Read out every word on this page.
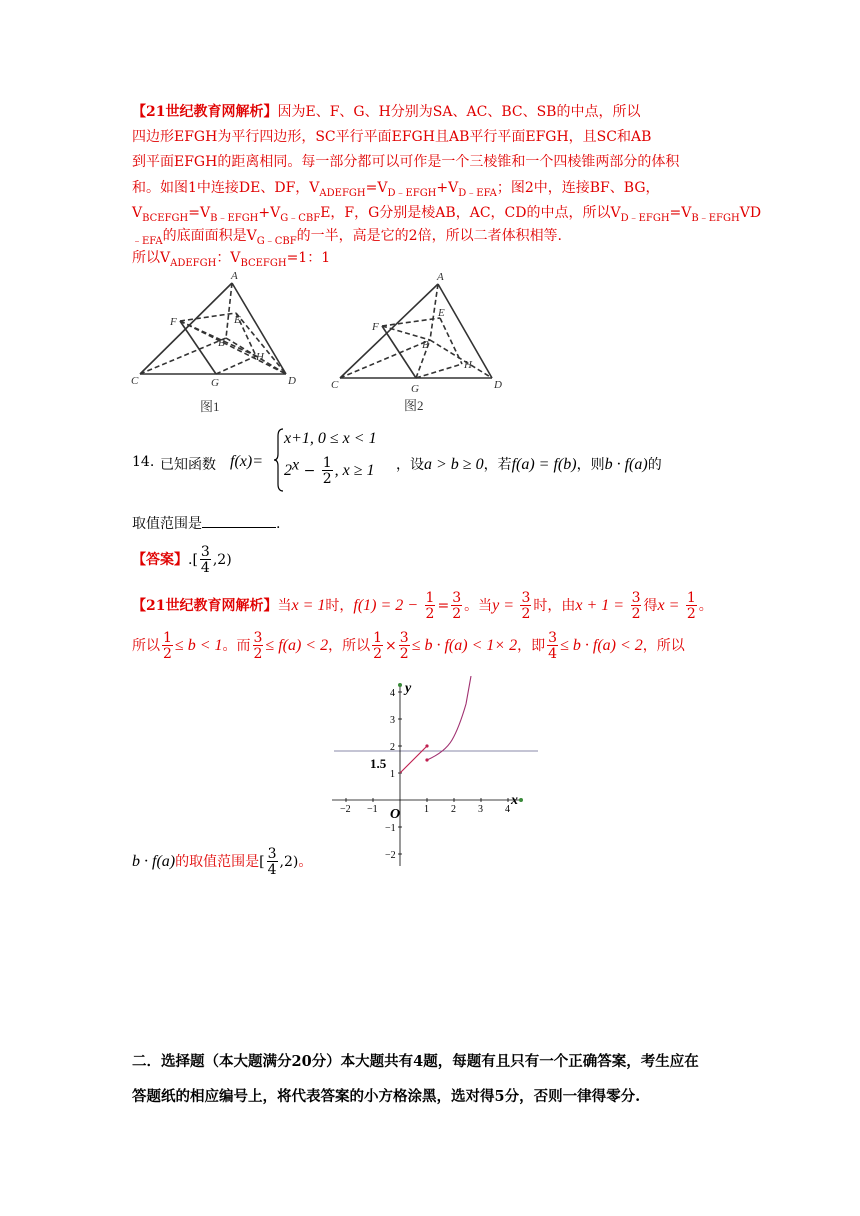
【21世纪教育网解析】因为E、F、G、H分别为SA、AC、BC、SB的中点，所以
四边形EFGH为平行四边形，SC平行平面EFGH且AB平行平面EFGH，且SC和AB
到平面EFGH的距离相同。每一部分都可以可作是一个三棱锥和一个四棱锥两部分的体积
和。如图1中连接DE、DF，$V_{ADEFGH}=V_{D﹣EFGH}+V_{D﹣EFA}$；图2中，连接BF、BG，
$V_{BCEFGH}=V_{B﹣EFGH}+V_{G﹣CBF}E$，F，G分别是棱AB，AC，CD的中点，所以$V_{D﹣EFGH}=V_{B﹣EFGH}VD$
$_{﹣EFA}$的底面面积是$V_{G﹣CBF}$的一半，高是它的2倍，所以二者体积相等.
所以$V_{ADEFGH}$：$V_{BCEFGH}=1$：1
A
F	E
B
H
C	G	D
图1
A
F
E
B
H
C	G	D
图2
14. 已知函数 f(x)=
x+1, 0 ≤ x < 1
$2^x - \frac{1}{2}$ , x ≥ 1 ，设a > b ≥ 0，若f(a) = f(b)，则b · f(a)的
取值范围是	.
【答案】.[ $\frac{3}{4} ,2$)
【21世纪教育网解析】当x = 1时，$f(1) = 2 - \frac{1}{2} = \frac{3}{2}$ 。当$y = \frac{3}{2}$ 时，由$x + 1 = \frac{3}{2}$ 得$x = \frac{1}{2}$ 。
所以 $\frac{1}{2} \le b < 1$。而 $\frac{3}{2} \le f(a) < 2$，所以 $\frac{1}{2} \times \frac{3}{2} \le b \cdot f(a) < 1\times 2$，即 $\frac{3}{4} \le b \cdot f(a) < 2$，所以
−2 −1	1 2 3 4
4
3
2
1
−1
−2
y
x
O
1.5
b · f(a)的取值范围是[ $\frac{3}{4} ,2$)。
二．选择题（本大题满分20分）本大题共有4题，每题有且只有一个正确答案，考生应在
答题纸的相应编号上，将代表答案的小方格涂黑，选对得5分，否则一律得零分.
